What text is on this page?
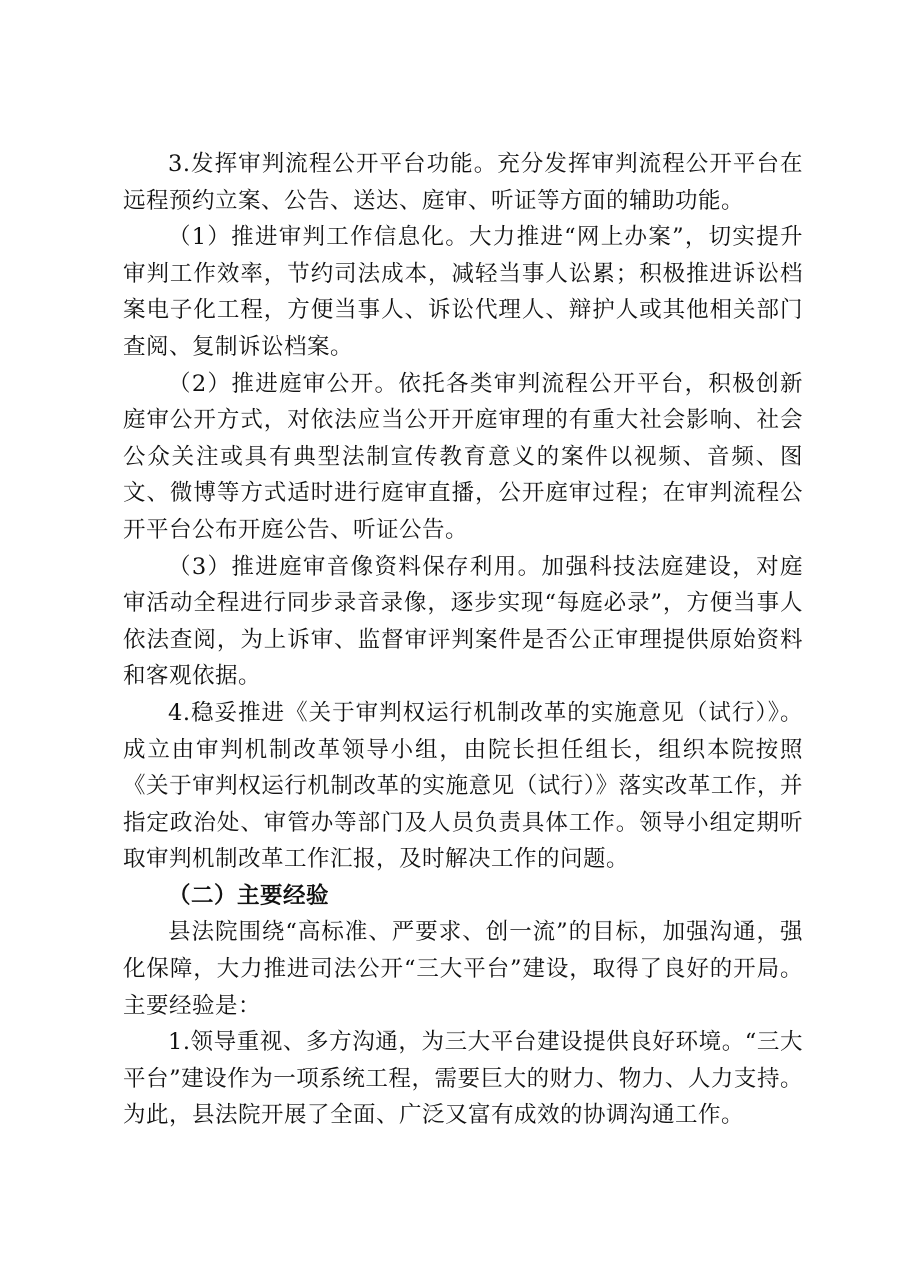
3.发挥审判流程公开平台功能。充分发挥审判流程公开平台在远程预约立案、公告、送达、庭审、听证等方面的辅助功能。

（1）推进审判工作信息化。大力推进“网上办案”，切实提升审判工作效率，节约司法成本，减轻当事人讼累；积极推进诉讼档案电子化工程，方便当事人、诉讼代理人、辩护人或其他相关部门查阅、复制诉讼档案。

（2）推进庭审公开。依托各类审判流程公开平台，积极创新庭审公开方式，对依法应当公开开庭审理的有重大社会影响、社会公众关注或具有典型法制宣传教育意义的案件以视频、音频、图文、微博等方式适时进行庭审直播，公开庭审过程；在审判流程公开平台公布开庭公告、听证公告。

（3）推进庭审音像资料保存利用。加强科技法庭建设，对庭审活动全程进行同步录音录像，逐步实现“每庭必录”，方便当事人依法查阅，为上诉审、监督审评判案件是否公正审理提供原始资料和客观依据。

4.稳妥推进《关于审判权运行机制改革的实施意见（试行）》。成立由审判机制改革领导小组，由院长担任组长，组织本院按照《关于审判权运行机制改革的实施意见（试行）》落实改革工作，并指定政治处、审管办等部门及人员负责具体工作。领导小组定期听取审判机制改革工作汇报，及时解决工作的问题。

（二）主要经验

县法院围绕“高标准、严要求、创一流”的目标，加强沟通，强化保障，大力推进司法公开“三大平台”建设，取得了良好的开局。主要经验是：

1.领导重视、多方沟通，为三大平台建设提供良好环境。“三大平台”建设作为一项系统工程，需要巨大的财力、物力、人力支持。为此，县法院开展了全面、广泛又富有成效的协调沟通工作。
